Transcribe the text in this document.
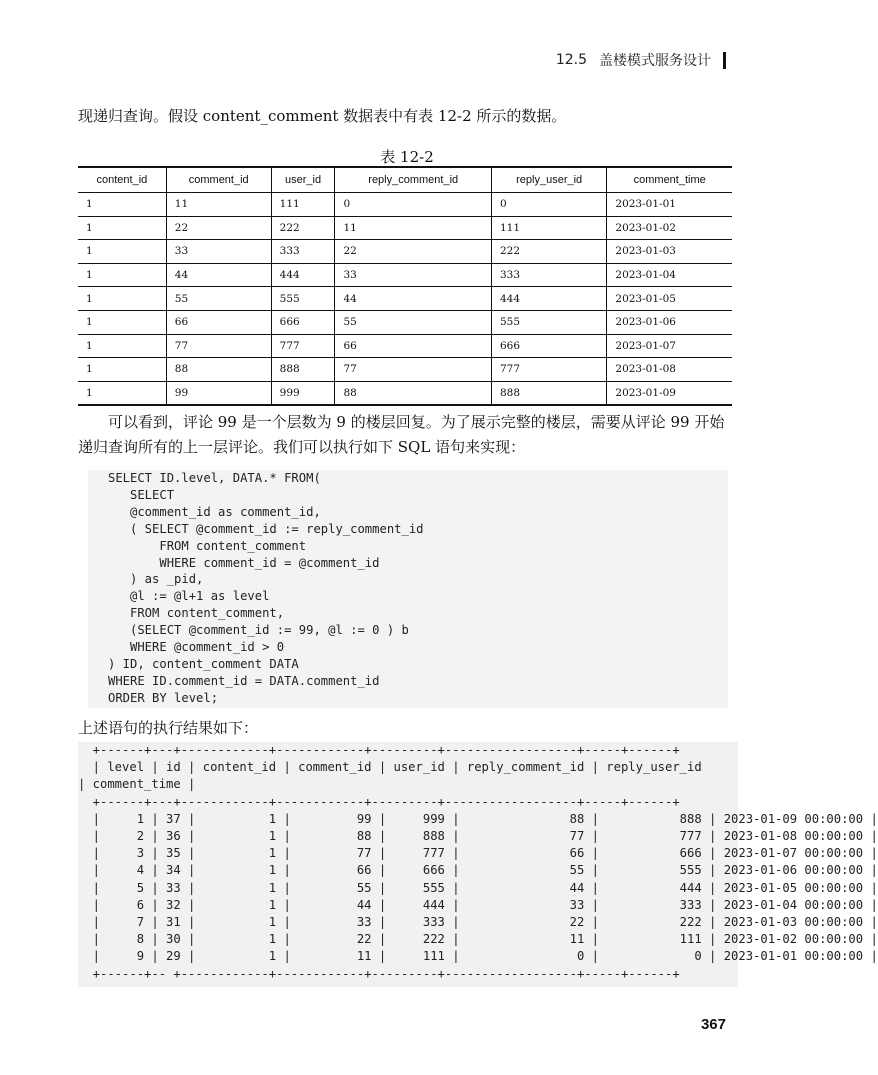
12.5 盖楼模式服务设计
现递归查询。假设 content_comment 数据表中有表 12-2 所示的数据。
表 12-2
content_id	comment_id	user_id	reply_comment_id	reply_user_id	comment_time
1	11	111	0	0	2023-01-01
1	22	222	11	111	2023-01-02
1	33	333	22	222	2023-01-03
1	44	444	33	333	2023-01-04
1	55	555	44	444	2023-01-05
1	66	666	55	555	2023-01-06
1	77	777	66	666	2023-01-07
1	88	888	77	777	2023-01-08
1	99	999	88	888	2023-01-09
可以看到，评论 99 是一个层数为 9 的楼层回复。为了展示完整的楼层，需要从评论 99 开始递归查询所有的上一层评论。我们可以执行如下 SQL 语句来实现：
SELECT ID.level, DATA.* FROM(
SELECT
@comment_id as comment_id,
( SELECT @comment_id := reply_comment_id
FROM content_comment
WHERE comment_id = @comment_id
) as _pid,
@l := @l+1 as level
FROM content_comment,
(SELECT @comment_id := 99, @l := 0 ) b
WHERE @comment_id > 0
) ID, content_comment DATA
WHERE ID.comment_id = DATA.comment_id
ORDER BY level;
上述语句的执行结果如下：
+------+---+------------+------------+---------+------------------+-----+------+
| level | id | content_id | comment_id | user_id | reply_comment_id | reply_user_id
| comment_time |
+------+---+------------+------------+---------+------------------+-----+------+
|     1 | 37 |          1 |         99 |     999 |               88 |           888 | 2023-01-09 00:00:00 |
|     2 | 36 |          1 |         88 |     888 |               77 |           777 | 2023-01-08 00:00:00 |
|     3 | 35 |          1 |         77 |     777 |               66 |           666 | 2023-01-07 00:00:00 |
|     4 | 34 |          1 |         66 |     666 |               55 |           555 | 2023-01-06 00:00:00 |
|     5 | 33 |          1 |         55 |     555 |               44 |           444 | 2023-01-05 00:00:00 |
|     6 | 32 |          1 |         44 |     444 |               33 |           333 | 2023-01-04 00:00:00 |
|     7 | 31 |          1 |         33 |     333 |               22 |           222 | 2023-01-03 00:00:00 |
|     8 | 30 |          1 |         22 |     222 |               11 |           111 | 2023-01-02 00:00:00 |
|     9 | 29 |          1 |         11 |     111 |                0 |             0 | 2023-01-01 00:00:00 |
+------+-- +------------+------------+---------+------------------+-----+------+
367
